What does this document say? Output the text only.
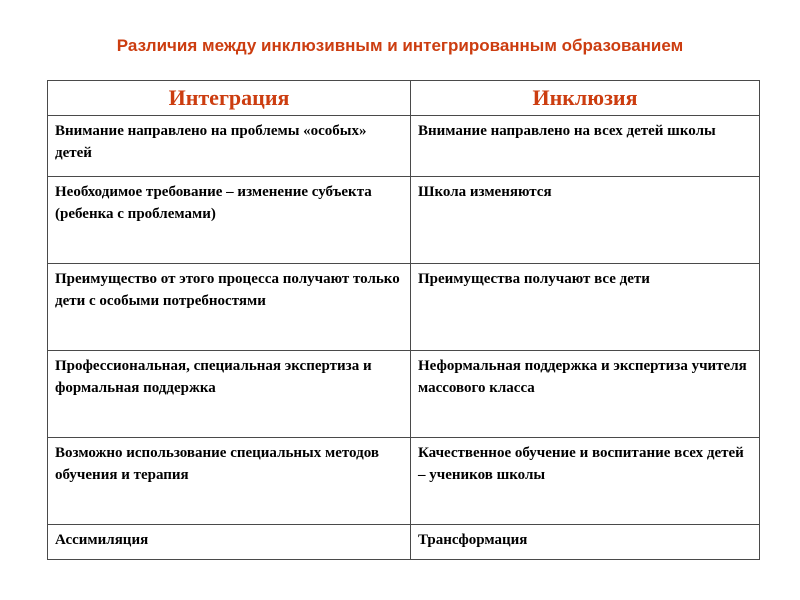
Различия между инклюзивным и интегрированным образованием
Интеграция	Инклюзия
Внимание направлено на проблемы «особых» детей	Внимание направлено на всех детей школы
Необходимое требование – изменение субъекта (ребенка с проблемами)	Школа изменяются
Преимущество от этого процесса получают только дети с особыми потребностями	Преимущества получают все дети
Профессиональная, специальная экспертиза и формальная поддержка	Неформальная поддержка и экспертиза учителя массового класса
Возможно использование специальных методов обучения и терапия	Качественное обучение и воспитание всех детей – учеников школы
Ассимиляция	Трансформация
